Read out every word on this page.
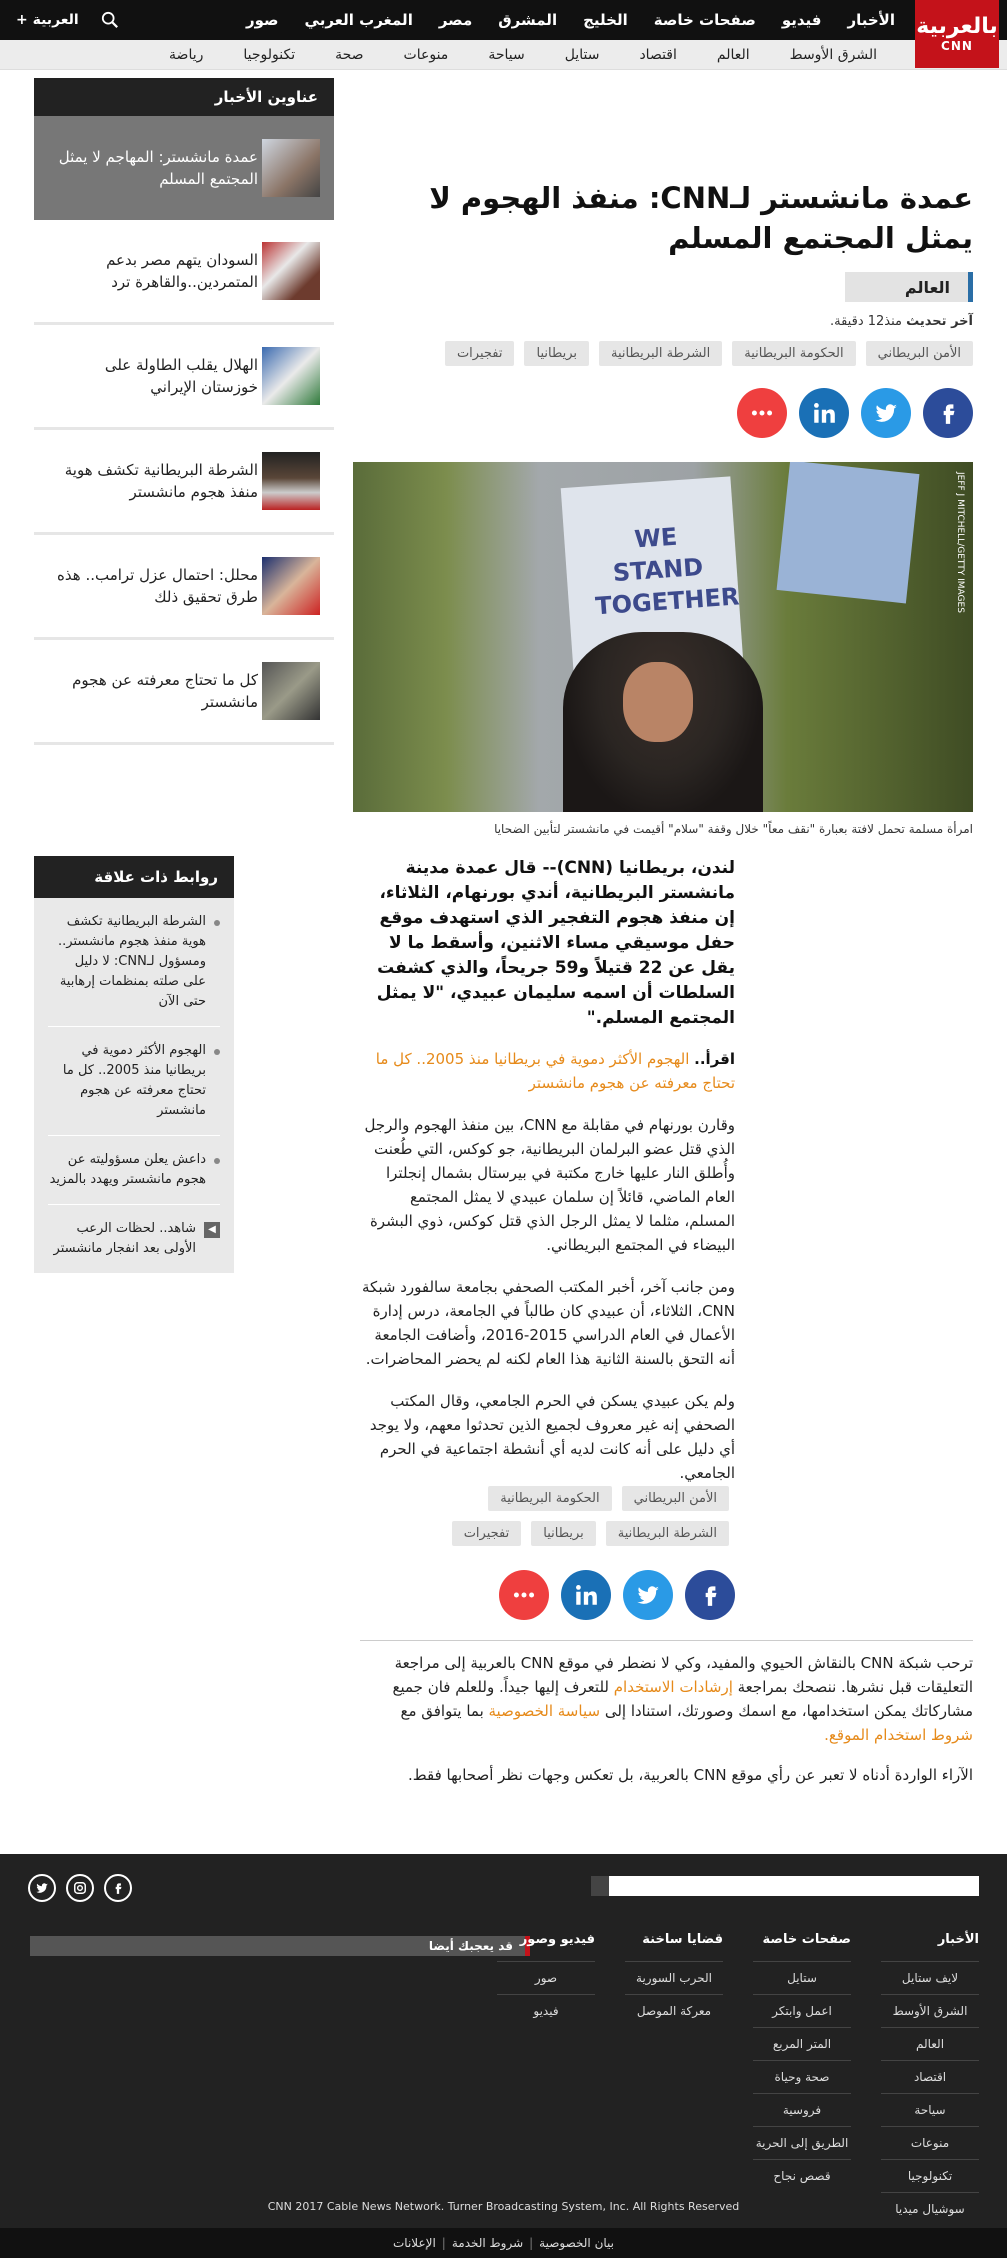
الأخبار
فيديو
صفحات خاصة
الخليج
المشرق
مصر
المغرب العربي
صور
العربية +	بالعربية
CNN
الشرق الأوسط
العالم
اقتصاد
ستايل
سياحة
منوعات
صحة
تكنولوجيا
رياضة
عناوين الأخبار
عمدة مانشستر: المهاجم لا يمثل المجتمع المسلم
السودان يتهم مصر بدعم المتمردين..والقاهرة ترد
الهلال يقلب الطاولة على خوزستان الإيراني
الشرطة البريطانية تكشف هوية منفذ هجوم مانشستر
محلل: احتمال عزل ترامب.. هذه طرق تحقيق ذلك
كل ما تحتاج معرفته عن هجوم مانشستر
عمدة مانشستر لـCNN: منفذ الهجوم لا يمثل المجتمع المسلم
العالم
آخر تحديث منذ12 دقيقة.
الأمن البريطاني
الحكومة البريطانية
الشرطة البريطانية
بريطانيا
تفجيرات
WE STAND TOGETHER	JEFF J MITCHELL/GETTY IMAGES
امرأة مسلمة تحمل لافتة بعبارة "نقف معاً" خلال وقفة "سلام" أقيمت في مانشستر لتأبين الضحايا
روابط ذات علاقة
الشرطة البريطانية تكشف هوية منفذ هجوم مانشستر.. ومسؤول لـCNN: لا دليل على صلته بمنظمات إرهابية حتى الآن
الهجوم الأكثر دموية في بريطانيا منذ 2005.. كل ما تحتاج معرفته عن هجوم مانشستر
داعش يعلن مسؤوليته عن هجوم مانشستر ويهدد بالمزيد
◀
شاهد.. لحظات الرعب الأولى بعد انفجار مانشستر

لندن، بريطانيا (CNN)-- قال عمدة مدينة مانشستر البريطانية، أندي بورنهام، الثلاثاء، إن منفذ هجوم التفجير الذي استهدف موقع حفل موسيقي مساء الاثنين، وأسقط ما لا يقل عن 22 قتيلاً و59 جريحاً، والذي كشفت السلطات أن اسمه سليمان عبيدي، "لا يمثل المجتمع المسلم."

اقرأ.. الهجوم الأكثر دموية في بريطانيا منذ 2005.. كل ما تحتاج معرفته عن هجوم مانشستر

وقارن بورنهام في مقابلة مع CNN، بين منفذ الهجوم والرجل الذي قتل عضو البرلمان البريطانية، جو كوكس، التي طُعنت وأُطلق النار عليها خارج مكتبة في بيرستال بشمال إنجلترا العام الماضي، قائلاً إن سلمان عبيدي لا يمثل المجتمع المسلم، مثلما لا يمثل الرجل الذي قتل كوكس، ذوي البشرة البيضاء في المجتمع البريطاني.

ومن جانب آخر، أخبر المكتب الصحفي بجامعة سالفورد شبكة CNN، الثلاثاء، أن عبيدي كان طالباً في الجامعة، درس إدارة الأعمال في العام الدراسي 2015-2016، وأضافت الجامعة أنه التحق بالسنة الثانية هذا العام لكنه لم يحضر المحاضرات.

ولم يكن عبيدي يسكن في الحرم الجامعي، وقال المكتب الصحفي إنه غير معروف لجميع الذين تحدثوا معهم، ولا يوجد أي دليل على أنه كانت لديه أي أنشطة اجتماعية في الحرم الجامعي.

الأمن البريطاني
الحكومة البريطانية
الشرطة البريطانية
بريطانيا
تفجيرات

ترحب شبكة CNN بالنقاش الحيوي والمفيد، وكي لا نضطر في موقع CNN بالعربية إلى مراجعة التعليقات قبل نشرها. ننصحك بمراجعة إرشادات الاستخدام للتعرف إليها جيداً. وللعلم فان جميع مشاركاتك يمكن استخدامها، مع اسمك وصورتك، استنادا إلى سياسة الخصوصية بما يتوافق مع شروط استخدام الموقع.

الآراء الواردة أدناه لا تعبر عن رأي موقع CNN بالعربية، بل تعكس وجهات نظر أصحابها فقط.

قد يعجبك أيضا	الأخبار
لايف ستايل
الشرق الأوسط
العالم
اقتصاد
سياحة
منوعات
تكنولوجيا
سوشيال ميديا
صفحات خاصة
ستايل
اعمل وابتكر
المتر المربع
صحة وحياة
فروسية
الطريق إلى الحرية
قصص نجاح
قضايا ساخنة
الحرب السورية
معركة الموصل
فيديو وصور
صور
فيديو
CNN 2017 Cable News Network. Turner Broadcasting System, Inc. All Rights Reserved
بيان الخصوصية
|
شروط الخدمة
|
الإعلانات
